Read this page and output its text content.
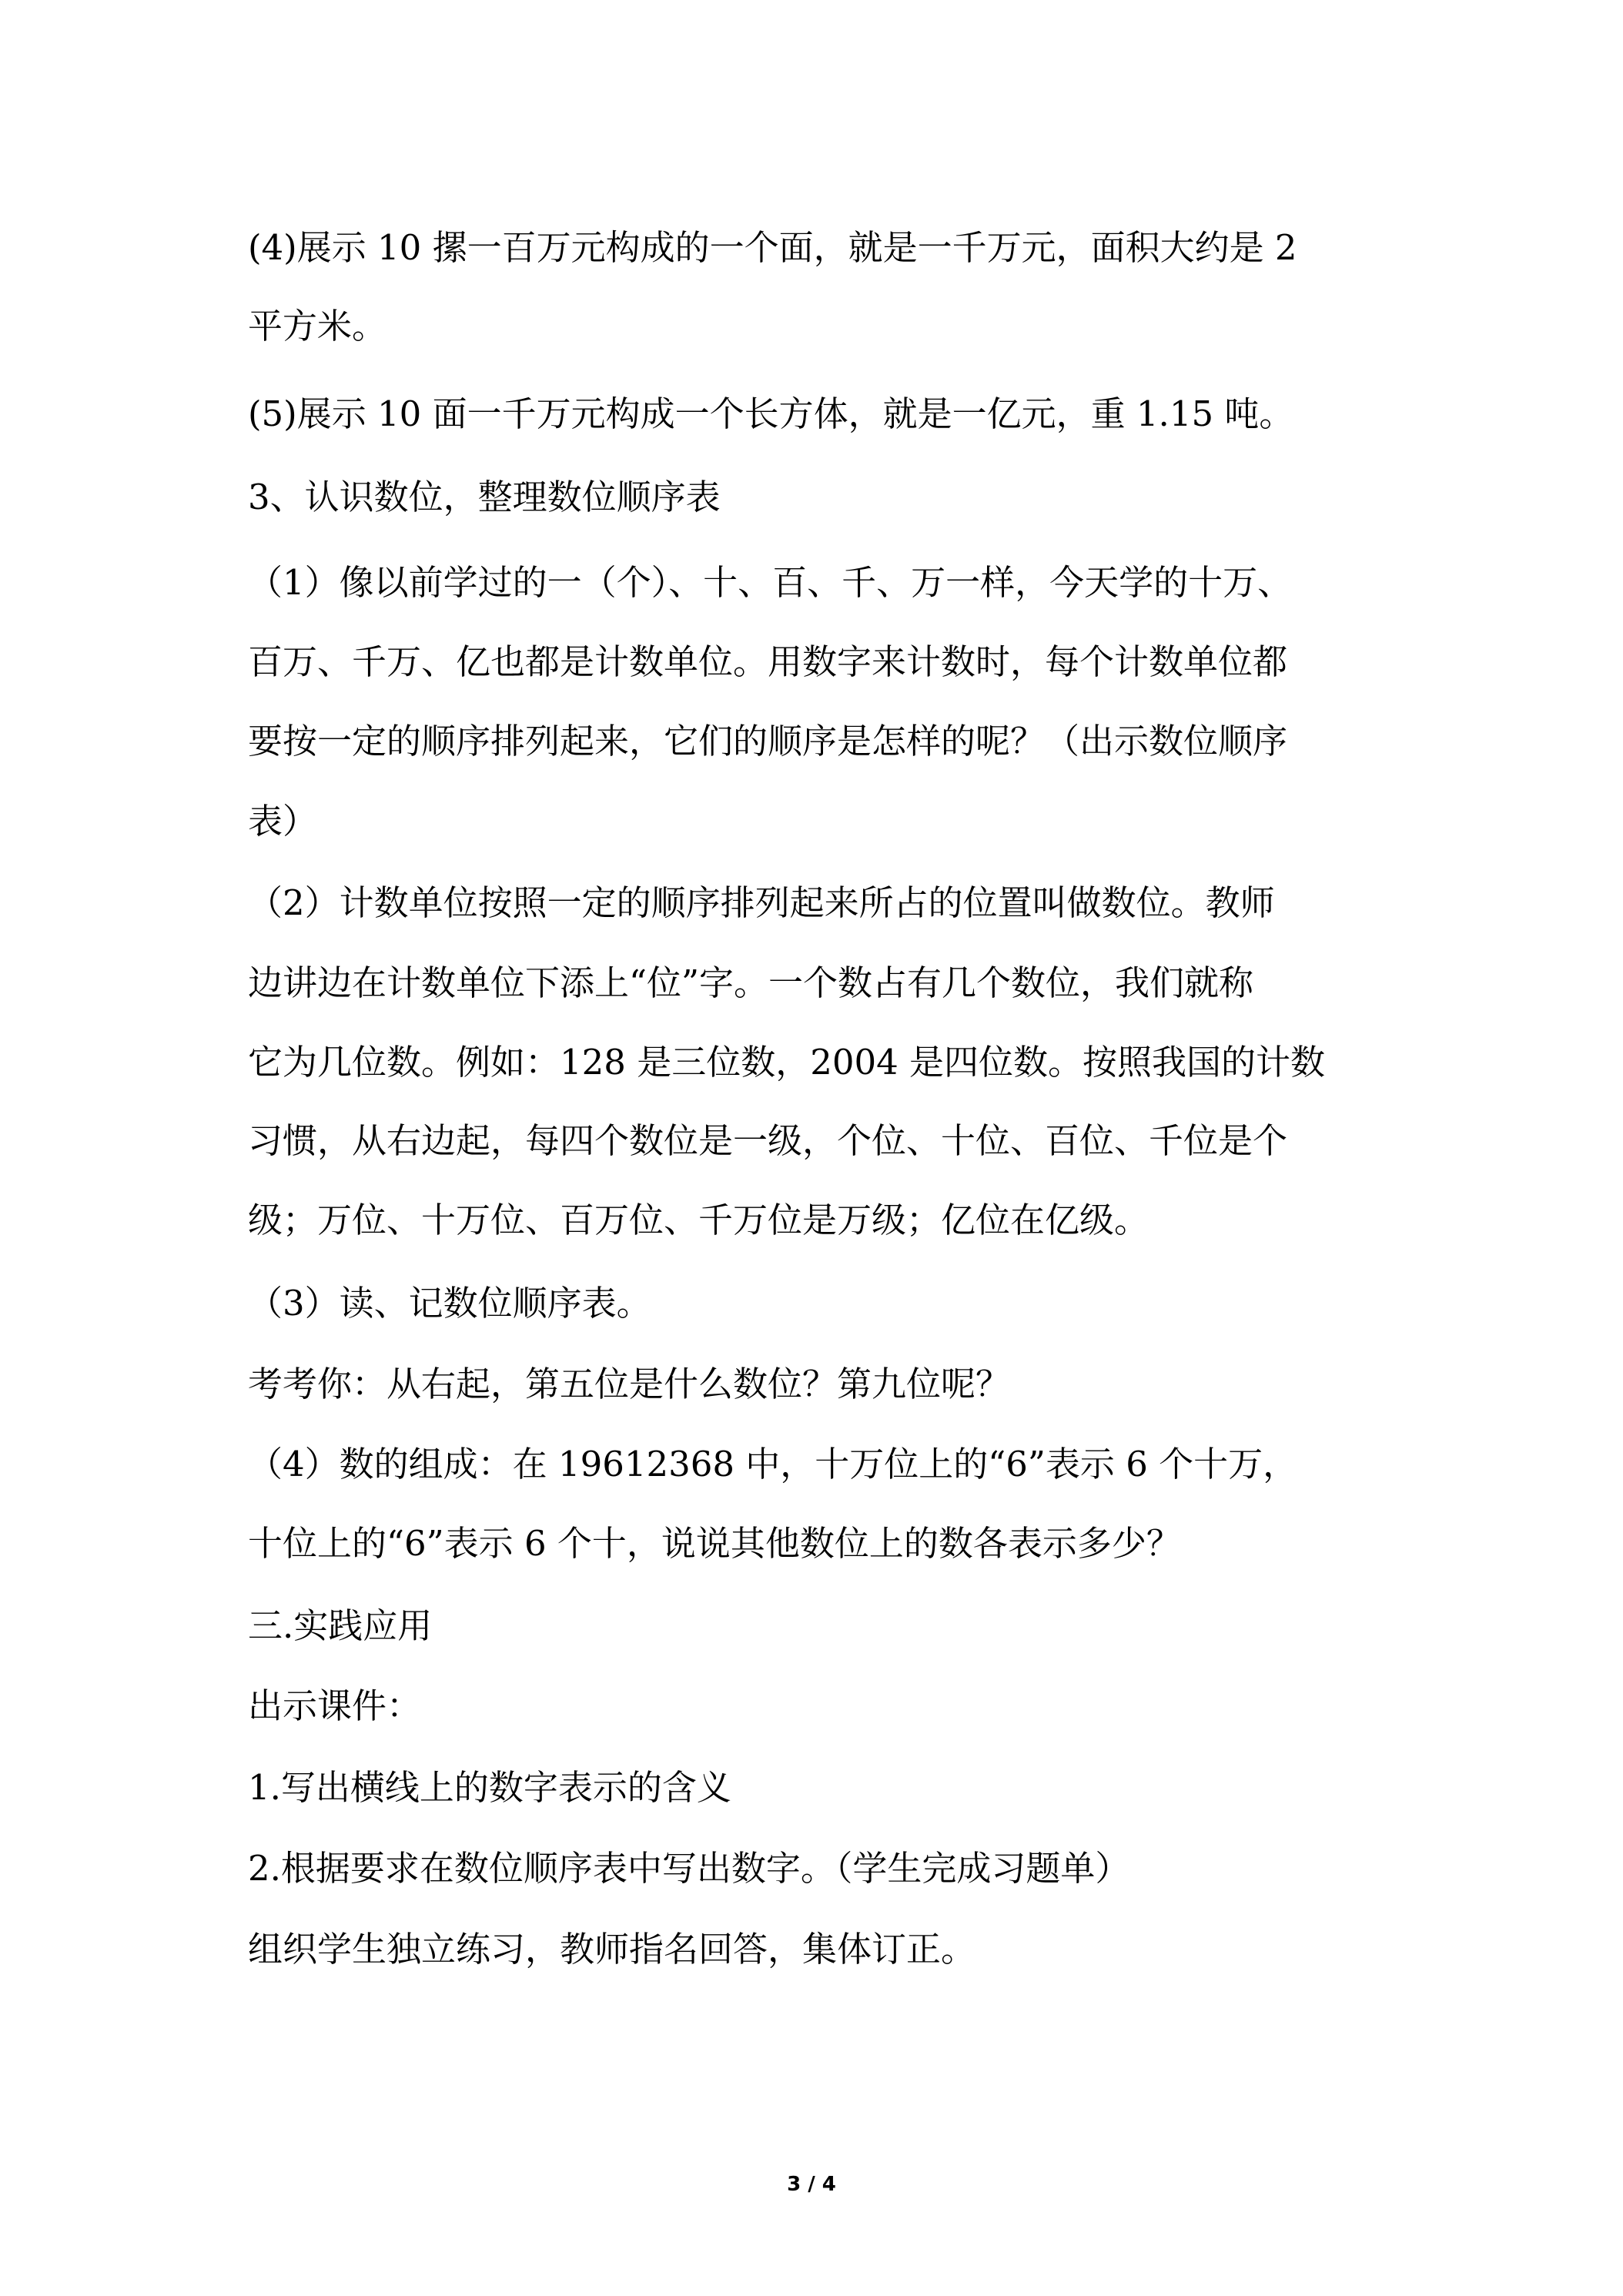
(4)展示 10 摞一百万元构成的一个面，就是一千万元，面积大约是 2
平方米。
(5)展示 10 面一千万元构成一个长方体，就是一亿元，重 1.15 吨。
3、认识数位，整理数位顺序表
（1）像以前学过的一（个）、十、百、千、万一样，今天学的十万、
百万、千万、亿也都是计数单位。用数字来计数时，每个计数单位都
要按一定的顺序排列起来，它们的顺序是怎样的呢？（出示数位顺序
表）
（2）计数单位按照一定的顺序排列起来所占的位置叫做数位。教师
边讲边在计数单位下添上“位”字。一个数占有几个数位，我们就称
它为几位数。例如：128 是三位数，2004 是四位数。按照我国的计数
习惯，从右边起，每四个数位是一级，个位、十位、百位、千位是个
级；万位、十万位、百万位、千万位是万级；亿位在亿级。
（3）读、记数位顺序表。
考考你：从右起，第五位是什么数位？第九位呢？
（4）数的组成：在 19612368 中，十万位上的“6”表示 6 个十万，
十位上的“6”表示 6 个十，说说其他数位上的数各表示多少？
三.实践应用
出示课件：
1.写出横线上的数字表示的含义
2.根据要求在数位顺序表中写出数字。（学生完成习题单）
组织学生独立练习，教师指名回答，集体订正。
3 / 4
